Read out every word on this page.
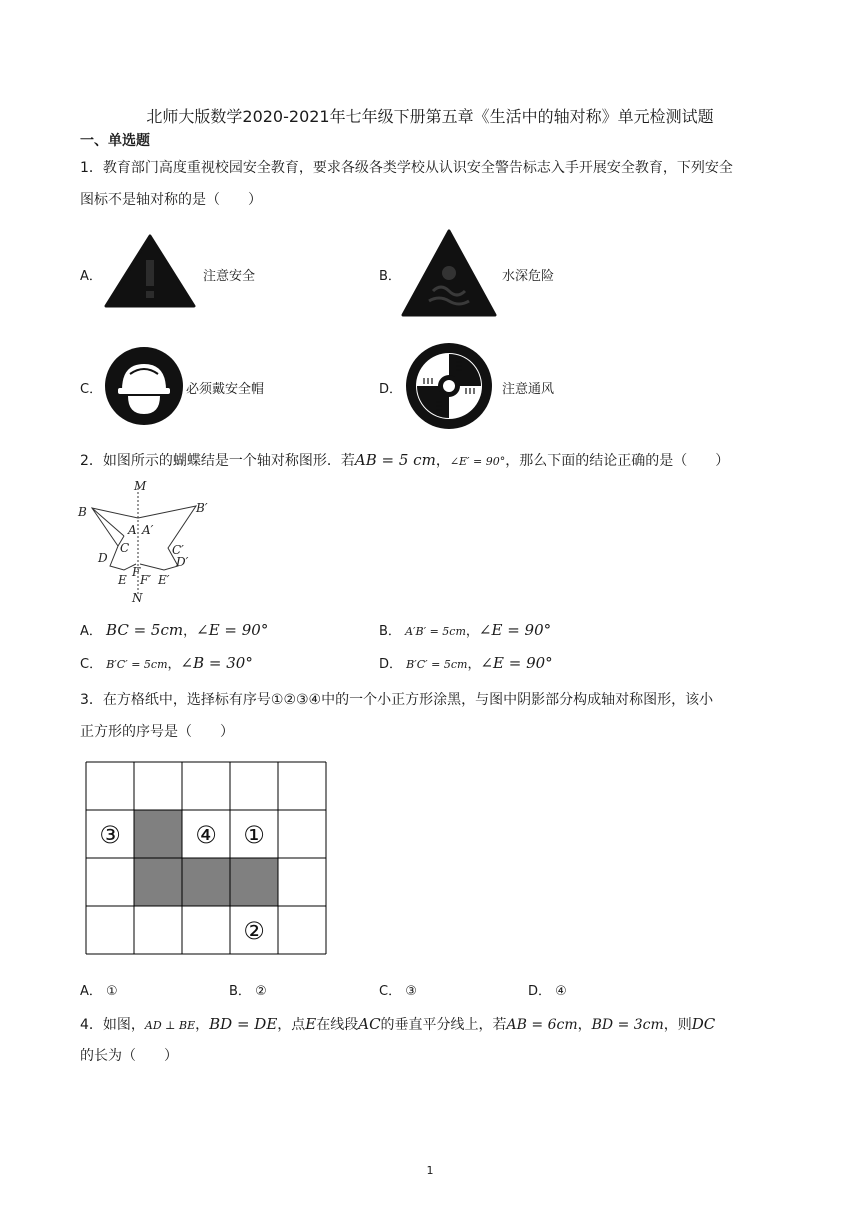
北师大版数学2020-2021年七年级下册第五章《生活中的轴对称》单元检测试题
一、单选题
1．教育部门高度重视校园安全教育，要求各级各类学校从认识安全警告标志入手开展安全教育，下列安全
图标不是轴对称的是（　　）
A．	注意安全	B．	水深危险
C．	必须戴安全帽	D．	注意通风
2．如图所示的蝴蝶结是一个轴对称图形．若AB = 5 cm，∠E′ = 90°，那么下面的结论正确的是（　　）
M
B	B′
A A′
C	C′
D	D′
E	E′
F
F′
N
A． BC = 5cm，∠E = 90°	B． A′B′ = 5cm，∠E = 90°
C． B′C′ = 5cm，∠B = 30°	D． B′C′ = 5cm，∠E = 90°
3．在方格纸中，选择标有序号①②③④中的一个小正方形涂黑，与图中阴影部分构成轴对称图形，该小
正方形的序号是（　　）
③	④ ①
②
A． ①	B． ②	C． ③	D． ④
4．如图，AD ⊥ BE，BD = DE，点E在线段AC的垂直平分线上，若AB = 6cm，BD = 3cm，则DC
的长为（　　）
1
